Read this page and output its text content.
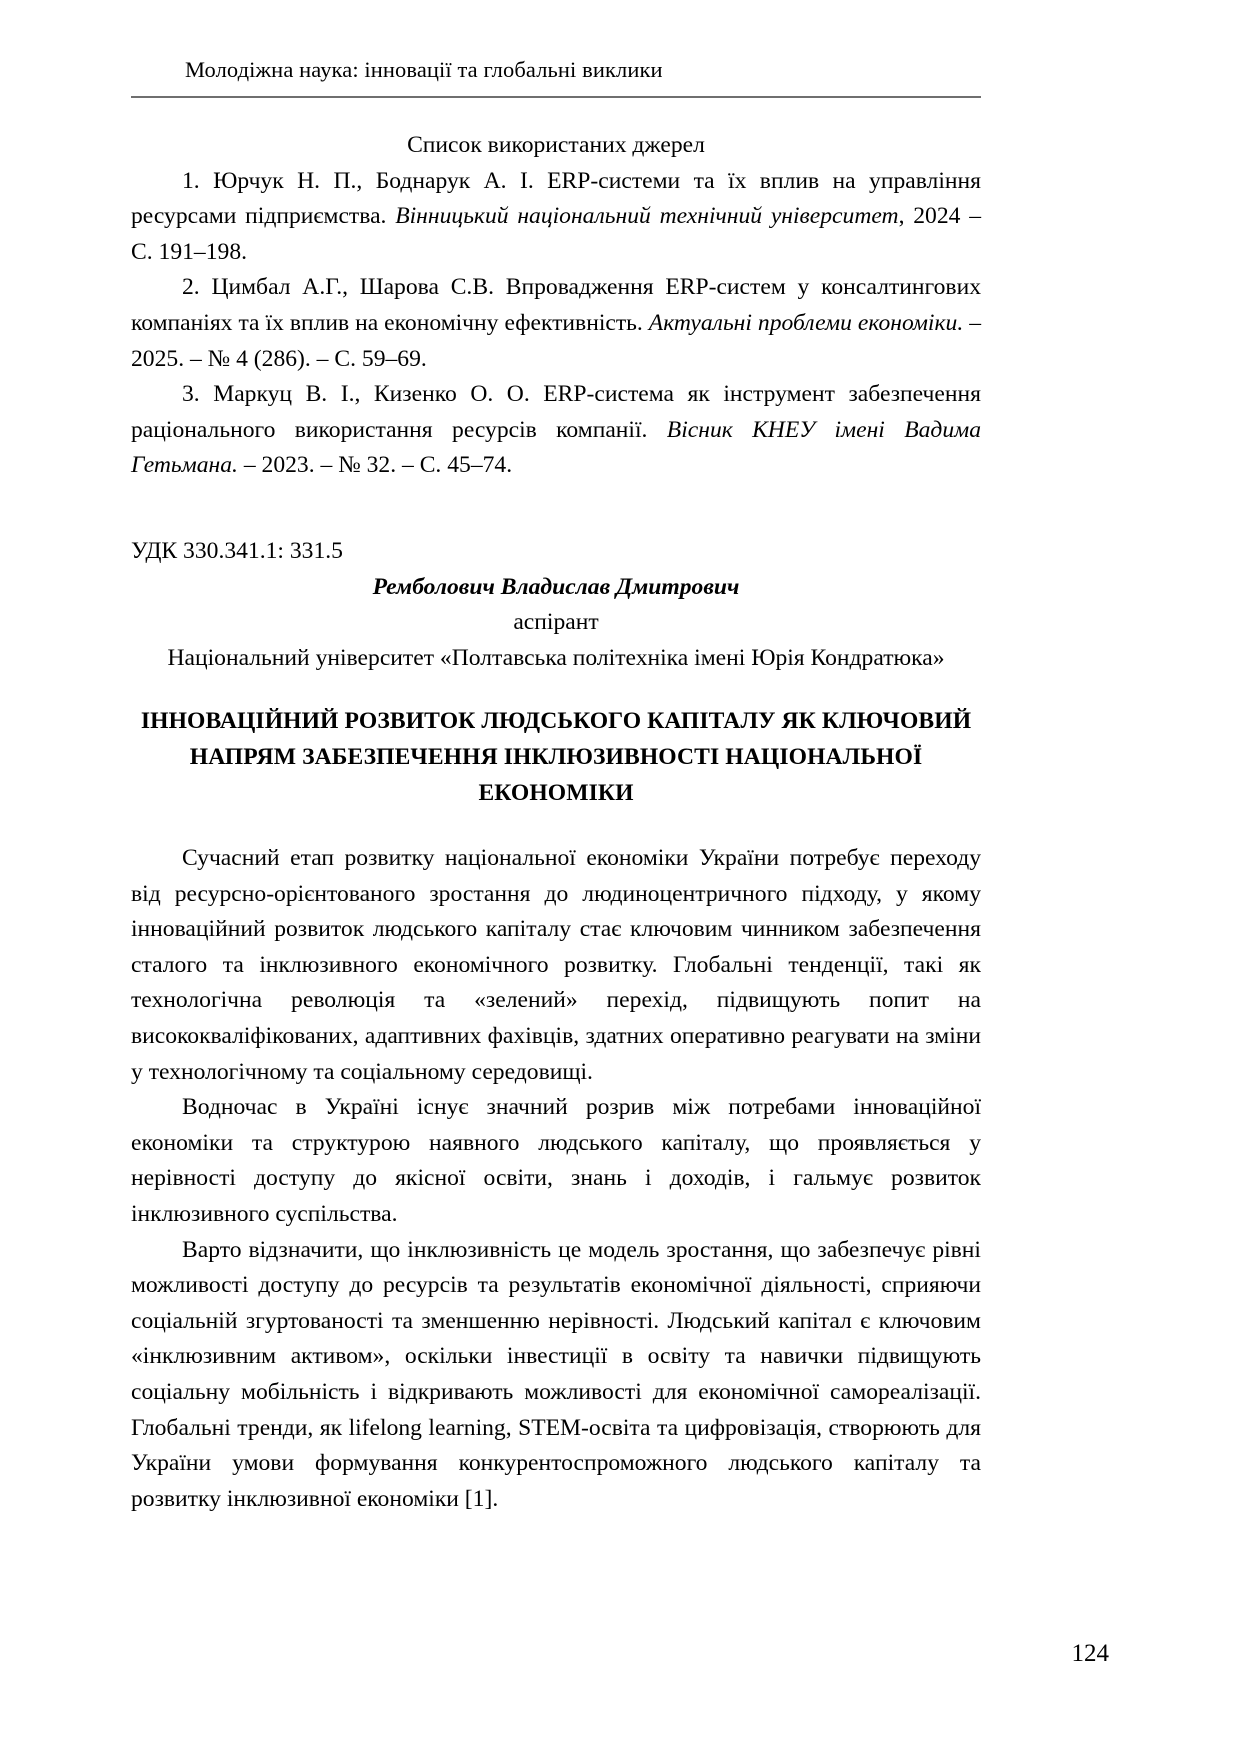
Молодіжна наука: інновації та глобальні виклики

Список використаних джерел

1. Юрчук Н. П., Боднарук А. І. ERP-системи та їх вплив на управління ресурсами підприємства. Вінницький національний технічний університет, 2024 – С. 191–198.

2. Цимбал А.Г., Шарова С.В. Впровадження ERP-систем у консалтингових компаніях та їх вплив на економічну ефективність. Актуальні проблеми економіки. – 2025. – № 4 (286). – С. 59–69.

3. Маркуц В. І., Кизенко О. О. ERP-система як інструмент забезпечення раціонального використання ресурсів компанії. Вісник КНЕУ імені Вадима Гетьмана. – 2023. – № 32. – С. 45–74.

УДК 330.341.1: 331.5

Ремболович Владислав Дмитрович

аспірант

Національний університет «Полтавська політехніка імені Юрія Кондратюка»

ІННОВАЦІЙНИЙ РОЗВИТОК ЛЮДСЬКОГО КАПІТАЛУ ЯК КЛЮЧОВИЙ НАПРЯМ ЗАБЕЗПЕЧЕННЯ ІНКЛЮЗИВНОСТІ НАЦІОНАЛЬНОЇ ЕКОНОМІКИ

Сучасний етап розвитку національної економіки України потребує переходу від ресурсно-орієнтованого зростання до людиноцентричного підходу, у якому інноваційний розвиток людського капіталу стає ключовим чинником забезпечення сталого та інклюзивного економічного розвитку. Глобальні тенденції, такі як технологічна революція та «зелений» перехід, підвищують попит на висококваліфікованих, адаптивних фахівців, здатних оперативно реагувати на зміни у технологічному та соціальному середовищі.

Водночас в Україні існує значний розрив між потребами інноваційної економіки та структурою наявного людського капіталу, що проявляється у нерівності доступу до якісної освіти, знань і доходів, і гальмує розвиток інклюзивного суспільства.

Варто відзначити, що інклюзивність це модель зростання, що забезпечує рівні можливості доступу до ресурсів та результатів економічної діяльності, сприяючи соціальній згуртованості та зменшенню нерівності. Людський капітал є ключовим «інклюзивним активом», оскільки інвестиції в освіту та навички підвищують соціальну мобільність і відкривають можливості для економічної самореалізації. Глобальні тренди, як lifelong learning, STEM-освіта та цифровізація, створюють для України умови формування конкурентоспроможного людського капіталу та розвитку інклюзивної економіки [1].

124
